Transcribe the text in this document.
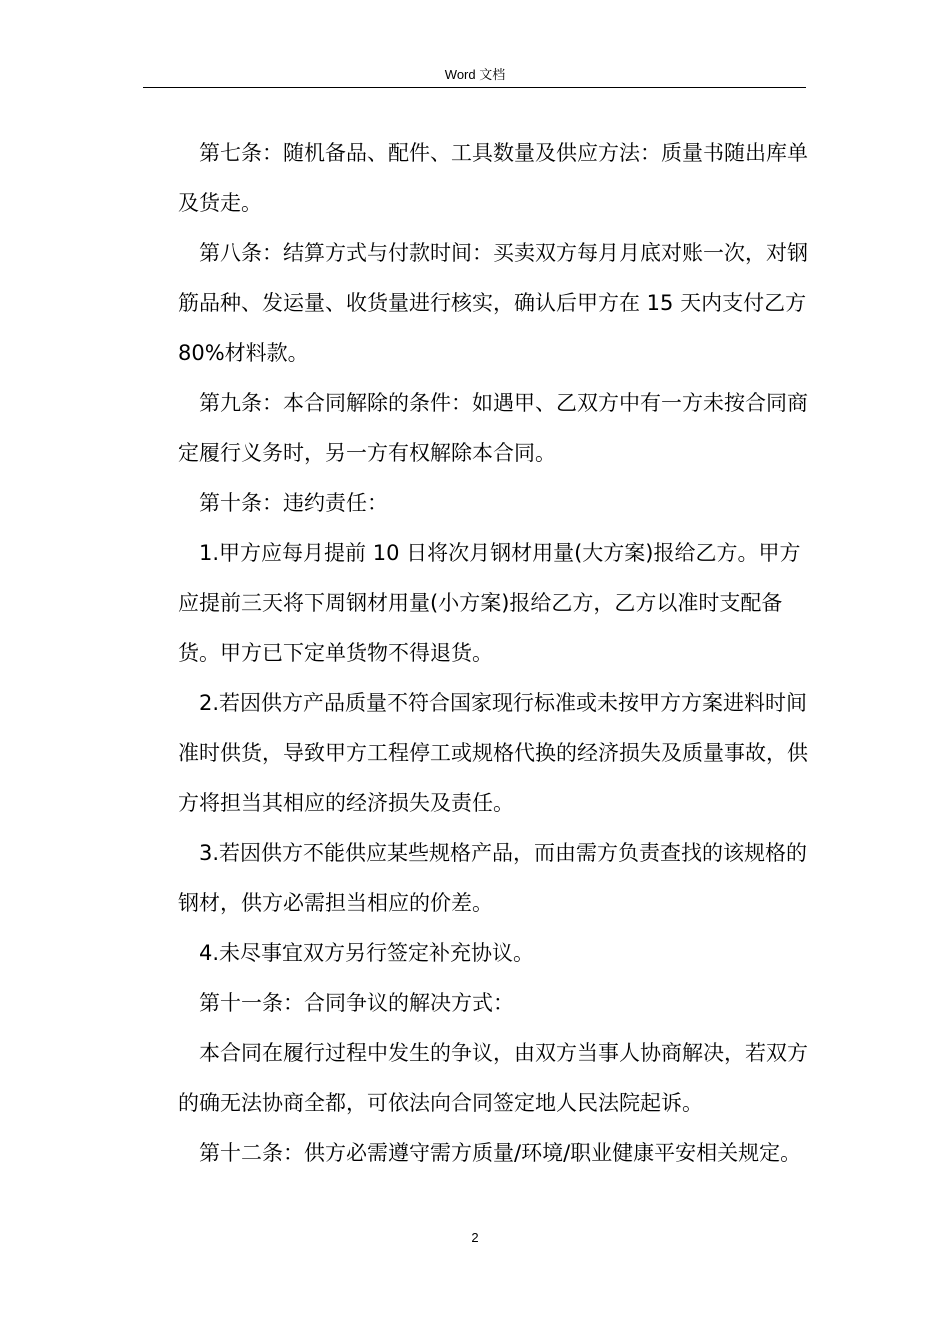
Word 文档

第七条：随机备品、配件、工具数量及供应方法：质量书随出库单及货走。

第八条：结算方式与付款时间：买卖双方每月月底对账一次，对钢筋品种、发运量、收货量进行核实，确认后甲方在 15 天内支付乙方 80%材料款。

第九条：本合同解除的条件：如遇甲、乙双方中有一方未按合同商定履行义务时，另一方有权解除本合同。

第十条：违约责任：

1.甲方应每月提前 10 日将次月钢材用量(大方案)报给乙方。甲方应提前三天将下周钢材用量(小方案)报给乙方，乙方以准时支配备货。甲方已下定单货物不得退货。

2.若因供方产品质量不符合国家现行标准或未按甲方方案进料时间准时供货，导致甲方工程停工或规格代换的经济损失及质量事故，供方将担当其相应的经济损失及责任。

3.若因供方不能供应某些规格产品，而由需方负责查找的该规格的钢材，供方必需担当相应的价差。

4.未尽事宜双方另行签定补充协议。

第十一条：合同争议的解决方式：

本合同在履行过程中发生的争议，由双方当事人协商解决，若双方的确无法协商全都，可依法向合同签定地人民法院起诉。

第十二条：供方必需遵守需方质量/环境/职业健康平安相关规定。

2
